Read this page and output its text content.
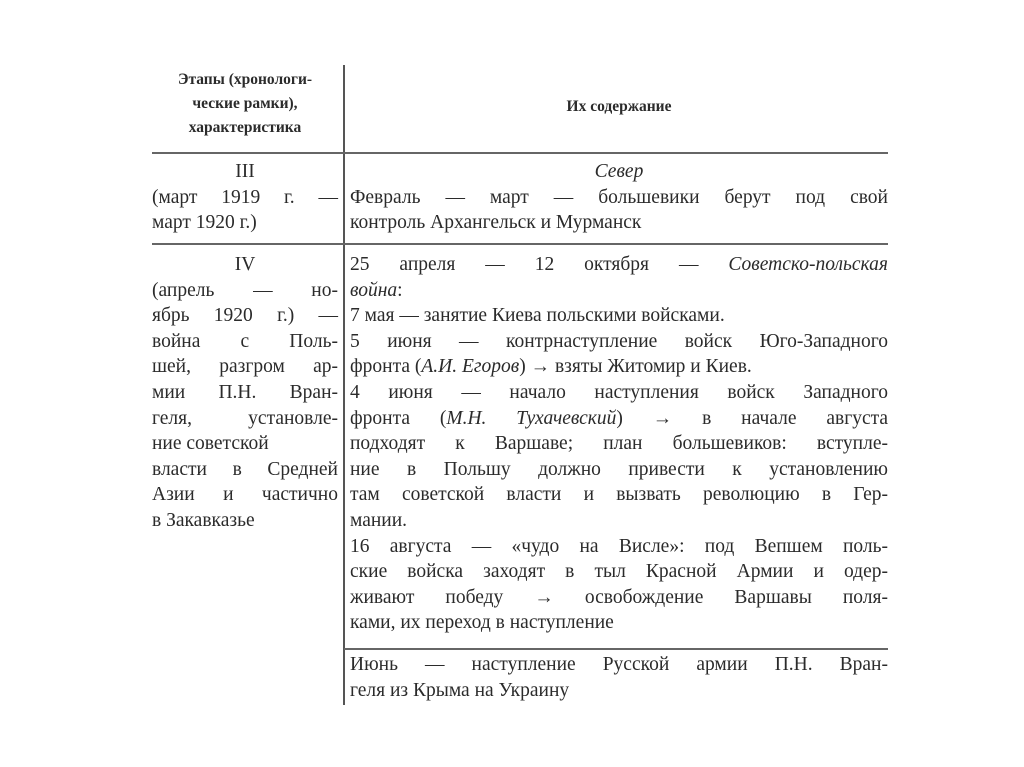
Этапы (хронологи-
ческие рамки),
характеристика
Их содержание
III
(март 1919 г. —
март 1920 г.)
Север
Февраль — март — большевики берут под свой
контроль Архангельск и Мурманск
IV
(апрель — но-
ябрь 1920 г.) —
война с Поль-
шей, разгром ар-
мии П.Н. Вран-
геля, установле-
ние советской
власти в Средней
Азии и частично
в Закавказье
25 апреля — 12 октября — Советско-польская
война:
7 мая — занятие Киева польскими войсками.
5 июня — контрнаступление войск Юго-Западного
фронта (А.И. Егоров) → взяты Житомир и Киев.
4 июня — начало наступления войск Западного
фронта (М.Н. Тухачевский) → в начале августа
подходят к Варшаве; план большевиков: вступле-
ние в Польшу должно привести к установлению
там советской власти и вызвать революцию в Гер-
мании.
16 августа — «чудо на Висле»: под Вепшем поль-
ские войска заходят в тыл Красной Армии и одер-
живают победу → освобождение Варшавы поля-
ками, их переход в наступление
Июнь — наступление Русской армии П.Н. Вран-
геля из Крыма на Украину
